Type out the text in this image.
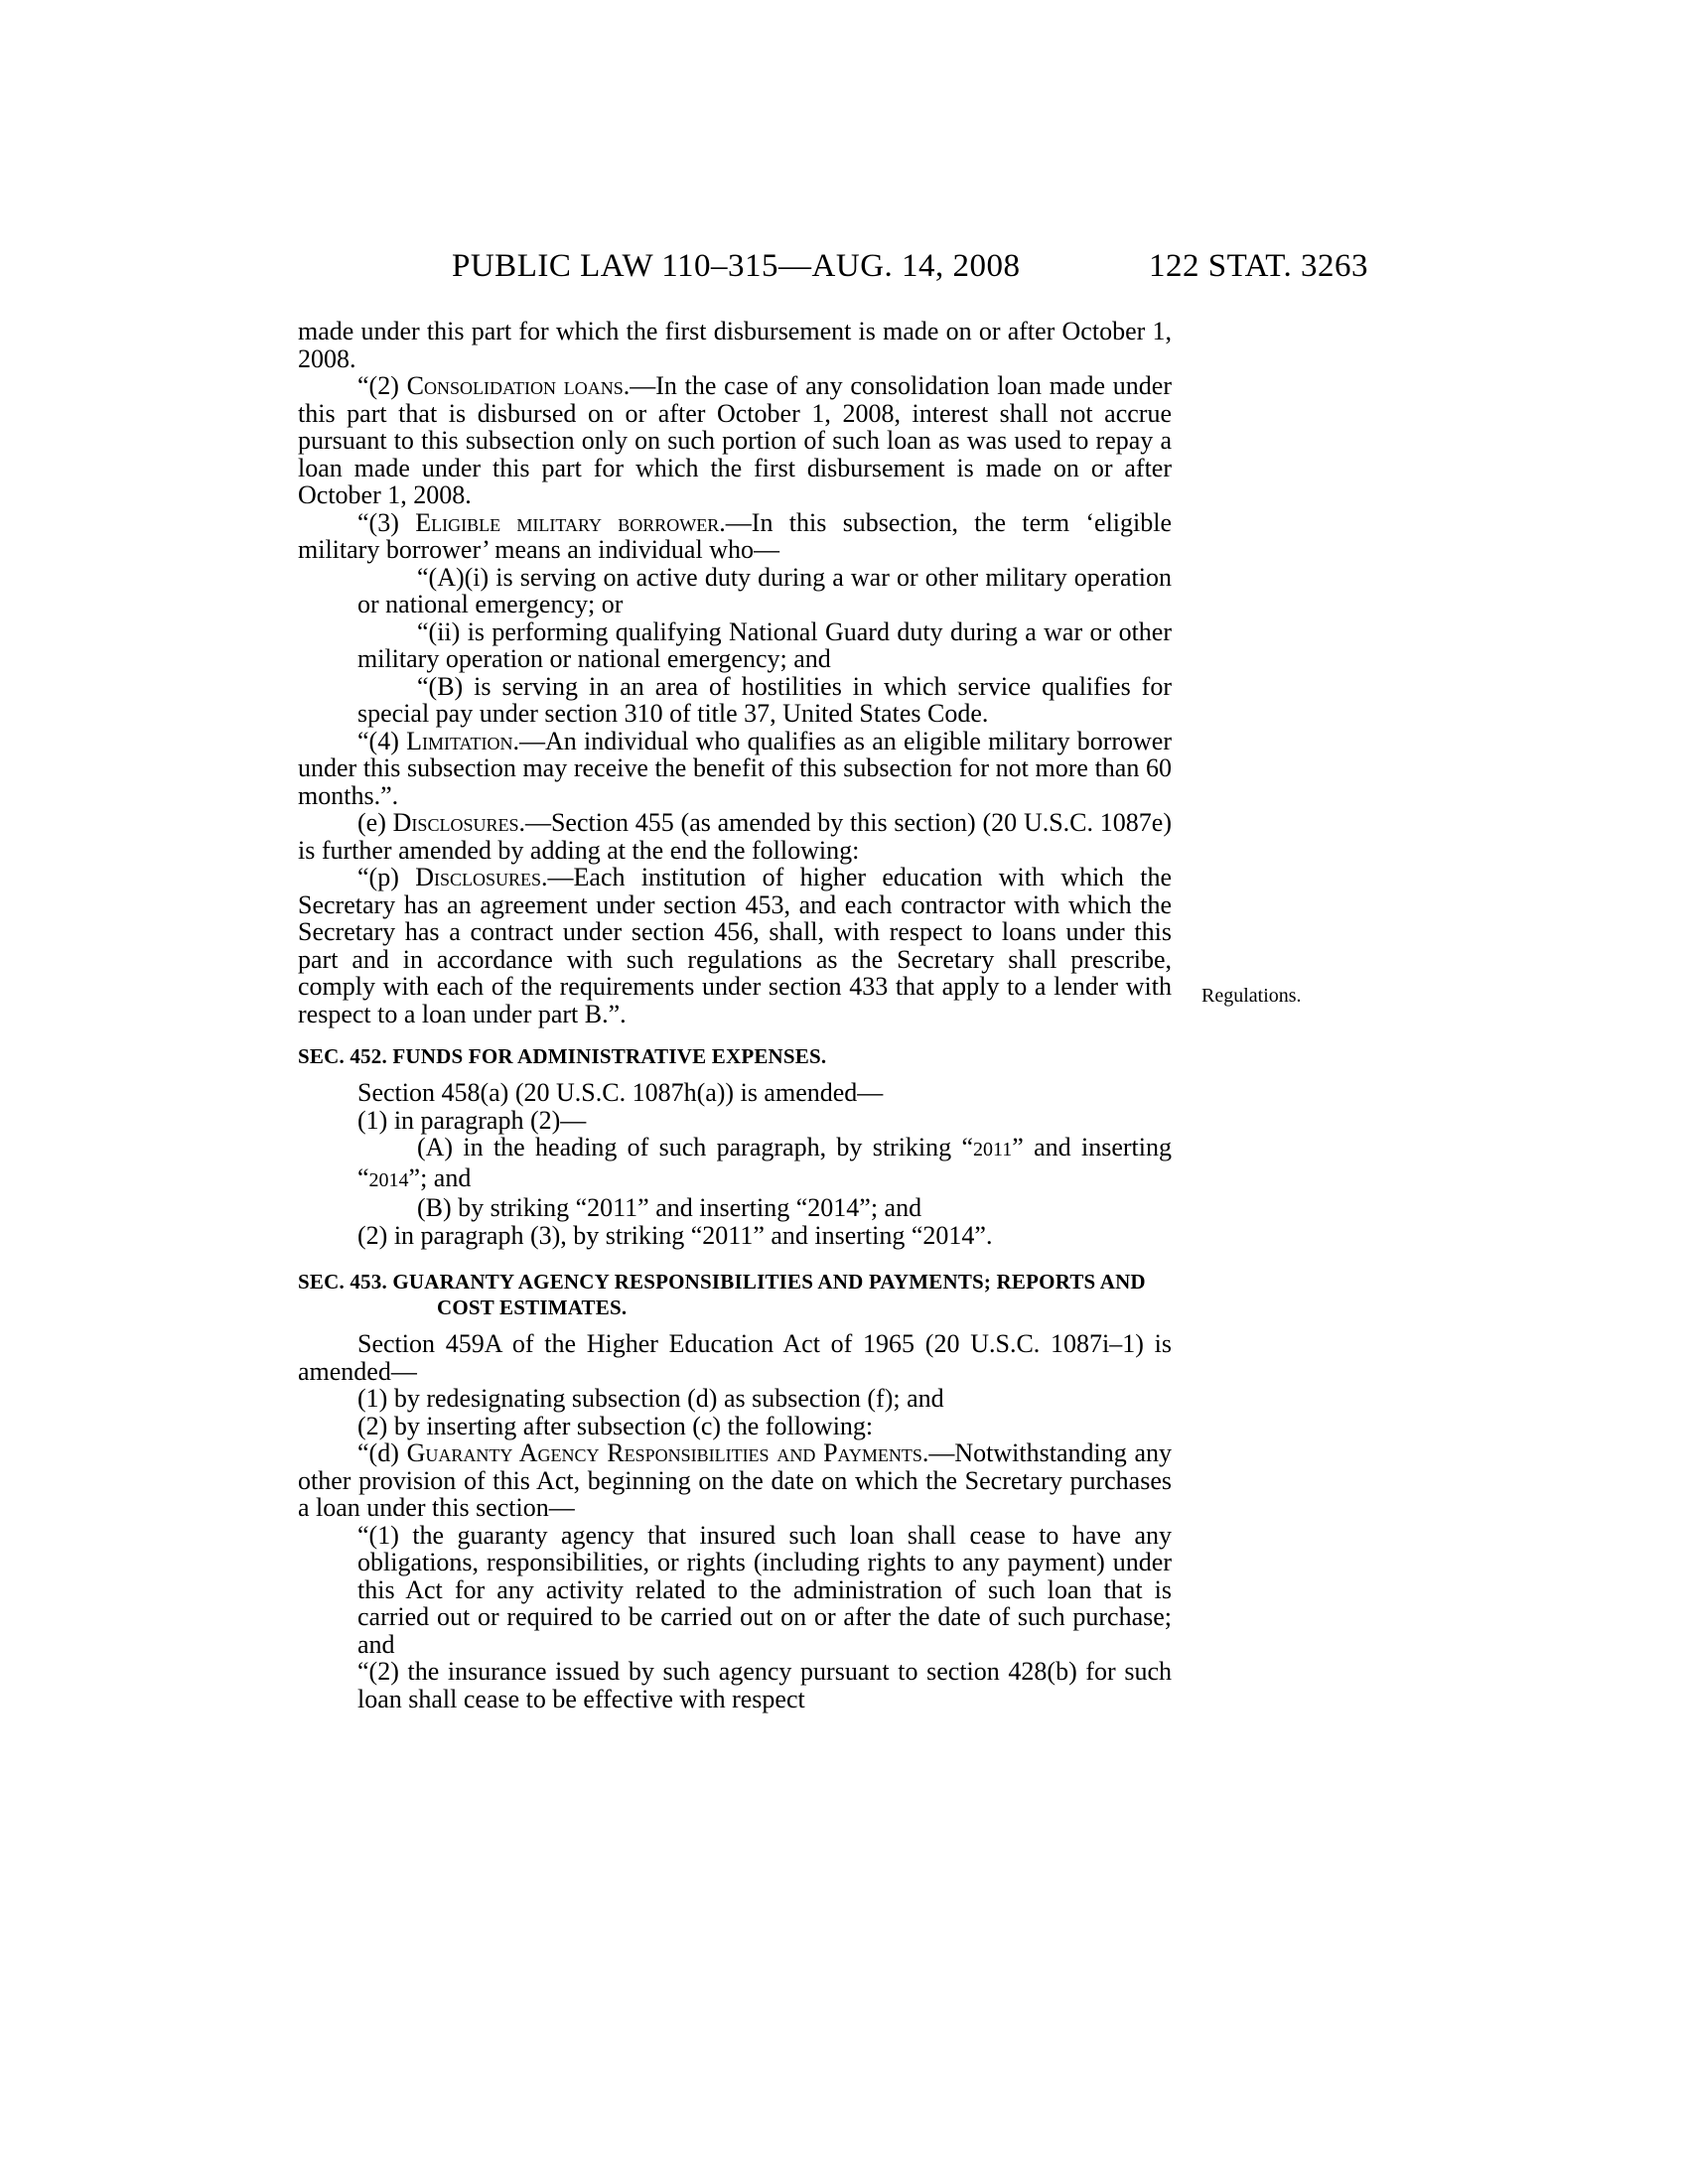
PUBLIC LAW 110–315—AUG. 14, 2008	122 STAT. 3263
Regulations.

made under this part for which the first disbursement is made on or after October 1, 2008.

“(2) Consolidation loans.—In the case of any consolidation loan made under this part that is disbursed on or after October 1, 2008, interest shall not accrue pursuant to this subsection only on such portion of such loan as was used to repay a loan made under this part for which the first disbursement is made on or after October 1, 2008.

“(3) Eligible military borrower.—In this subsection, the term ‘eligible military borrower’ means an individual who—

“(A)(i) is serving on active duty during a war or other military operation or national emergency; or

“(ii) is performing qualifying National Guard duty during a war or other military operation or national emergency; and

“(B) is serving in an area of hostilities in which service qualifies for special pay under section 310 of title 37, United States Code.

“(4) Limitation.—An individual who qualifies as an eligible military borrower under this subsection may receive the benefit of this subsection for not more than 60 months.”.

(e) Disclosures.—Section 455 (as amended by this section) (20 U.S.C. 1087e) is further amended by adding at the end the following:

“(p) Disclosures.—Each institution of higher education with which the Secretary has an agreement under section 453, and each contractor with which the Secretary has a contract under section 456, shall, with respect to loans under this part and in accordance with such regulations as the Secretary shall prescribe, comply with each of the requirements under section 433 that apply to a lender with respect to a loan under part B.”.

SEC. 452. FUNDS FOR ADMINISTRATIVE EXPENSES.

Section 458(a) (20 U.S.C. 1087h(a)) is amended—

(1) in paragraph (2)—

(A) in the heading of such paragraph, by striking “2011” and inserting “2014”; and

(B) by striking “2011” and inserting “2014”; and

(2) in paragraph (3), by striking “2011” and inserting “2014”.

SEC. 453. GUARANTY AGENCY RESPONSIBILITIES AND PAYMENTS; REPORTS AND COST ESTIMATES.

Section 459A of the Higher Education Act of 1965 (20 U.S.C. 1087i–1) is amended—

(1) by redesignating subsection (d) as subsection (f); and

(2) by inserting after subsection (c) the following:

“(d) Guaranty Agency Responsibilities and Payments.—Notwithstanding any other provision of this Act, beginning on the date on which the Secretary purchases a loan under this section—

“(1) the guaranty agency that insured such loan shall cease to have any obligations, responsibilities, or rights (including rights to any payment) under this Act for any activity related to the administration of such loan that is carried out or required to be carried out on or after the date of such purchase; and

“(2) the insurance issued by such agency pursuant to section 428(b) for such loan shall cease to be effective with respect
